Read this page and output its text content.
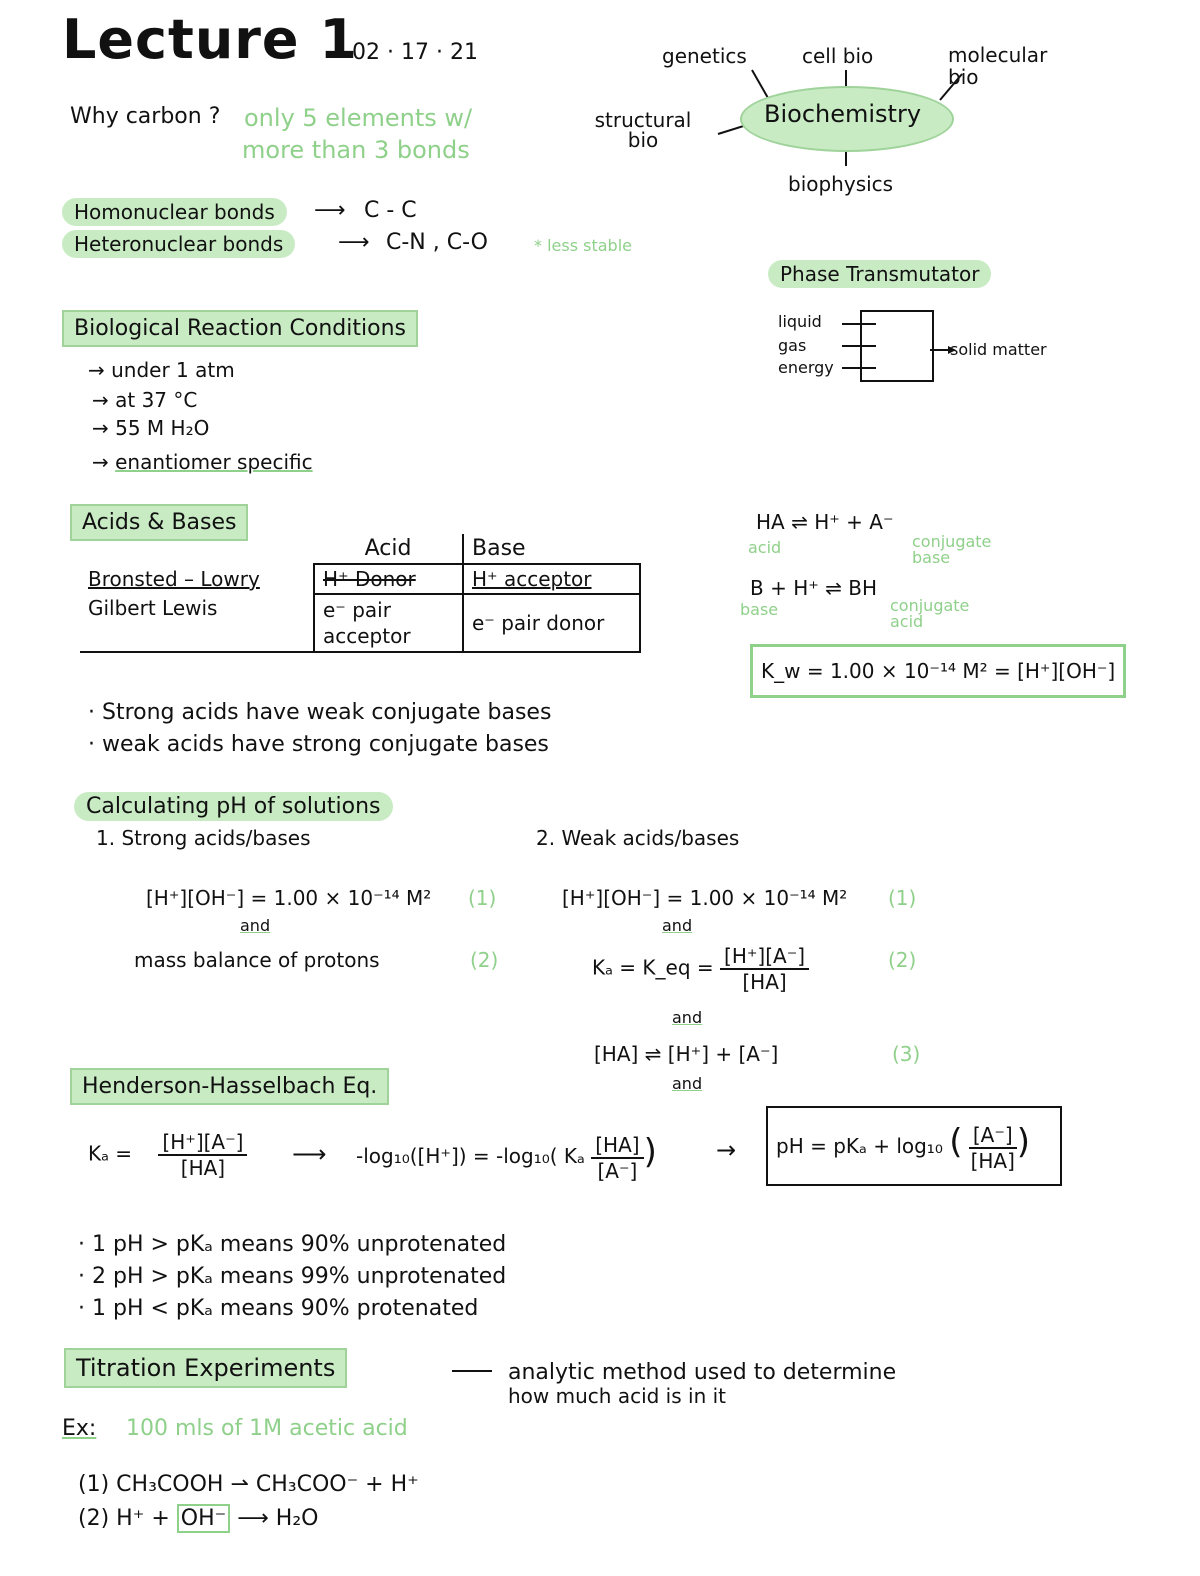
Lecture 1
02 · 17 · 21
Why carbon ? only 5 elements w/
more than 3 bonds
Biochemistry
genetics	cell bio	molecular bio
structural bio
biophysics
Homonuclear bonds	⟶ C - C
Heteronuclear bonds	⟶ C-N , C-O	* less stable
Phase Transmutator
liquid
gas
energy
solid matter
Biological Reaction Conditions
→ under 1 atm
→ at 37 °C
→ 55 M H₂O
→ enantiomer specific
Acids & Bases
	Acid	Base
Bronsted – Lowry	H⁺ Donor	H⁺ acceptor
Gilbert Lewis	e⁻ pair acceptor	e⁻ pair donor
HA ⇌ H⁺ + A⁻
acid	conjugate base
B + H⁺ ⇌ BH
base	conjugate acid
K_w = 1.00 × 10⁻¹⁴ M² = [H⁺][OH⁻]
· Strong acids have weak conjugate bases
· weak acids have strong conjugate bases
Calculating pH of solutions
1. Strong acids/bases	2. Weak acids/bases
[H⁺][OH⁻] = 1.00 × 10⁻¹⁴ M² (1)
and
mass balance of protons	(2)
[H⁺][OH⁻] = 1.00 × 10⁻¹⁴ M² (1)
and
Kₐ = K_eq = $\frac{[H^+][A^-]}{[HA]}$	(2)
and
[HA] ⇌ [H⁺] + [A⁻]	(3)
and
Henderson-Hasselbach Eq.
$K_a = \frac{[H^+][A^-]}{[HA]}$ ⟶ -log₁₀([H⁺]) = -log₁₀( Kₐ $\frac{[HA]}{[A^-]}$ ) →	pH = pKₐ + log₁₀ ( $\frac{[A^-]}{[HA]}$ )
· 1 pH > pKₐ means 90% unprotenated
· 2 pH > pKₐ means 99% unprotenated
· 1 pH < pKₐ means 90% protenated
Titration Experiments	analytic method used to determine
how much acid is in it
Ex: 100 mls of 1M acetic acid
(1) CH₃COOH ⇀ CH₃COO⁻ + H⁺
(2) H⁺ + OH⁻ ⟶ H₂O
